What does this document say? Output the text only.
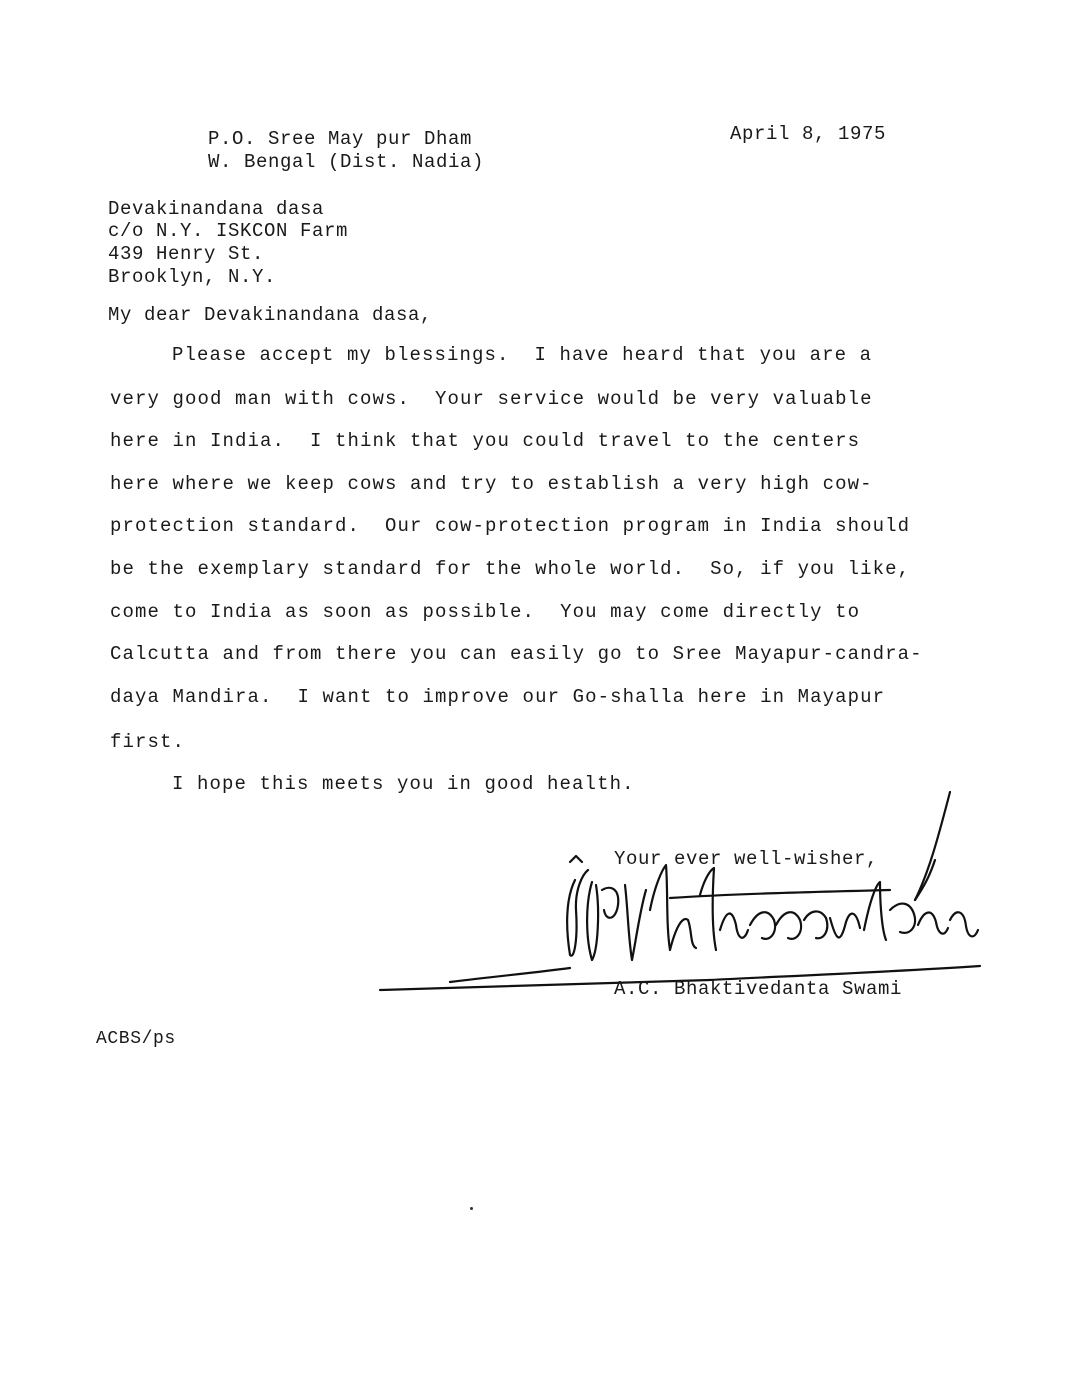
P.O. Sree May pur Dham
W. Bengal (Dist. Nadia)
April 8, 1975
Devakinandana dasa
c/o N.Y. ISKCON Farm
439 Henry St.
Brooklyn, N.Y.
My dear Devakinandana dasa,
Please accept my blessings.  I have heard that you are a
very good man with cows.  Your service would be very valuable
here in India.  I think that you could travel to the centers
here where we keep cows and try to establish a very high cow-
protection standard.  Our cow-protection program in India should
be the exemplary standard for the whole world.  So, if you like,
come to India as soon as possible.  You may come directly to
Calcutta and from there you can easily go to Sree Mayapur-candra-
daya Mandira.  I want to improve our Go-shalla here in Mayapur
first.
I hope this meets you in good health.
Your ever well-wisher,
A.C. Bhaktivedanta Swami
ACBS/ps
